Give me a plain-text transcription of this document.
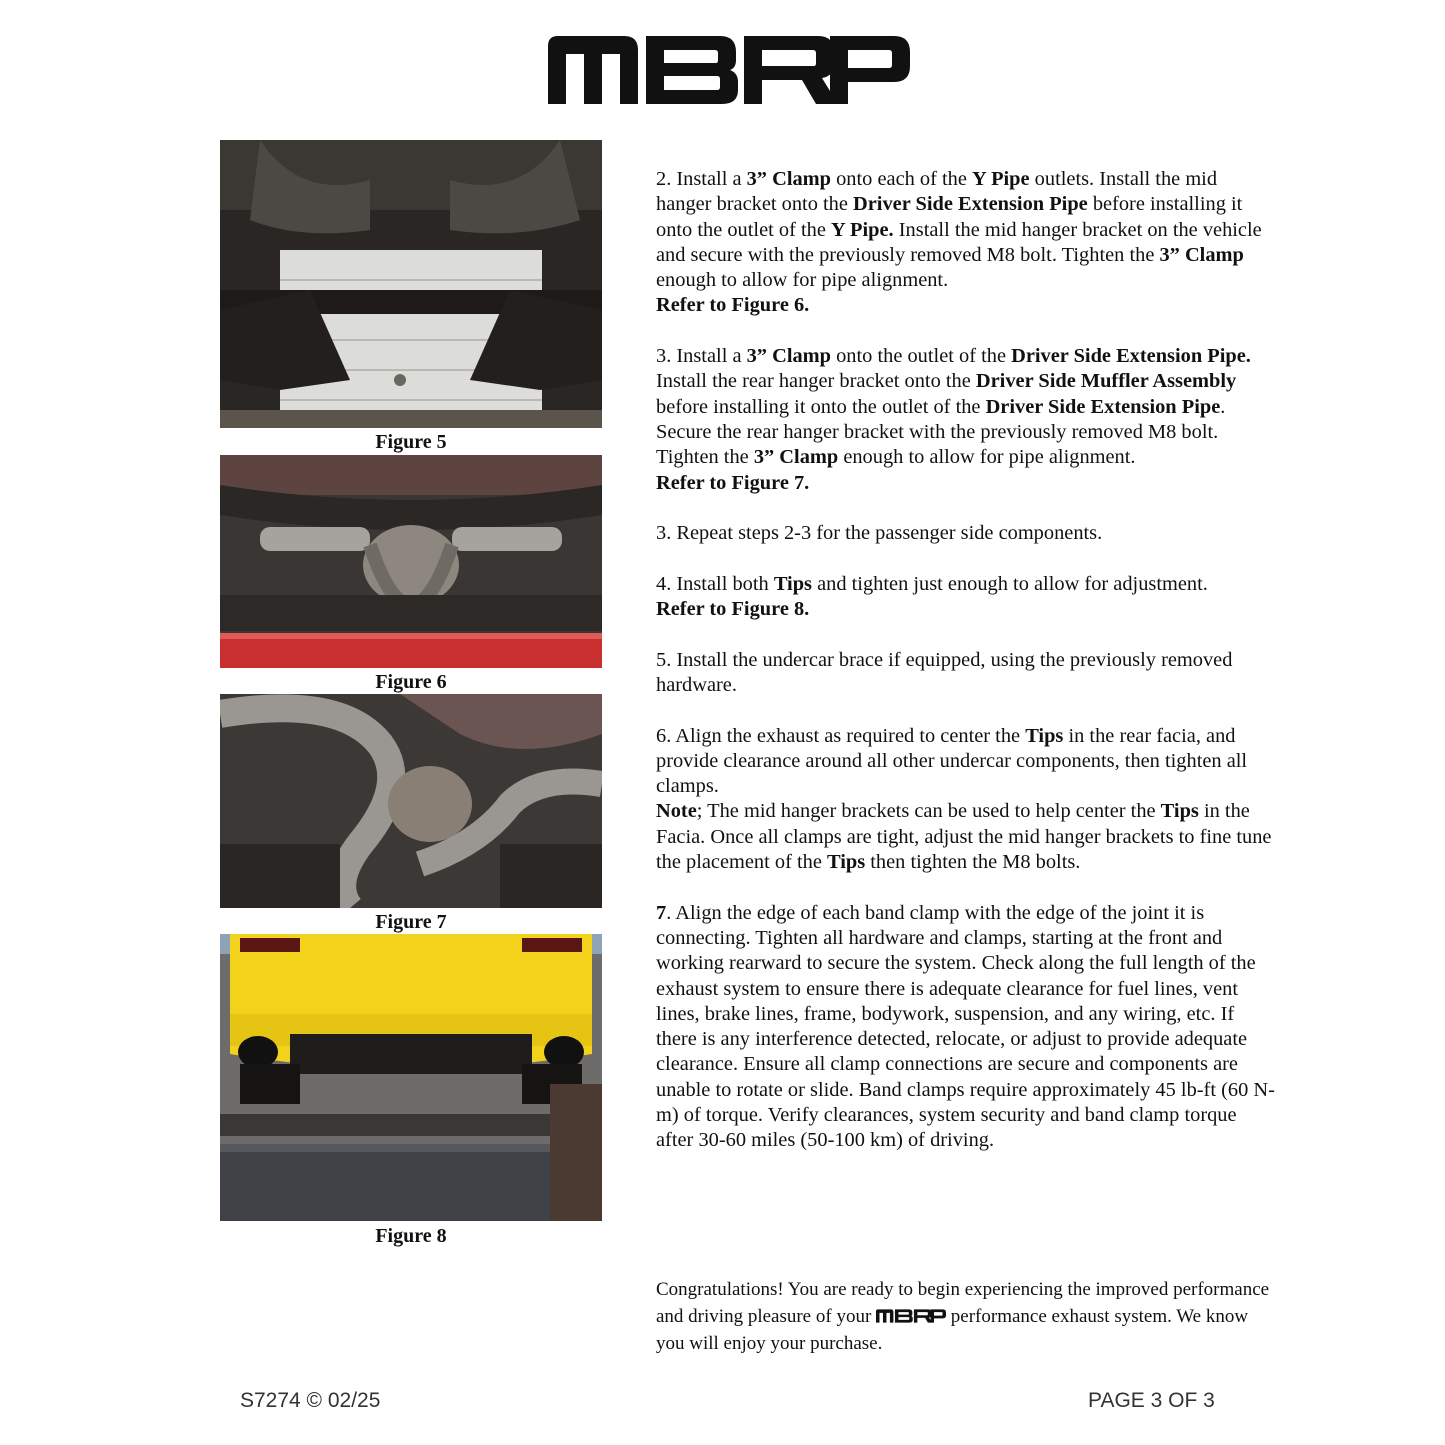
Figure 5
Figure 6
Figure 7
Figure 8

2. Install a 3” Clamp onto each of the Y Pipe outlets. Install the mid hanger bracket onto the Driver Side Extension Pipe before installing it onto the outlet of the Y Pipe. Install the mid hanger bracket on the vehicle and secure with the previously removed M8 bolt. Tighten the 3” Clamp enough to allow for pipe alignment.

Refer to Figure 6.

3. Install a 3” Clamp onto the outlet of the Driver Side Extension Pipe. Install the rear hanger bracket onto the Driver Side Muffler Assembly before installing it onto the outlet of the Driver Side Extension Pipe. Secure the rear hanger bracket with the previously removed M8 bolt. Tighten the 3” Clamp enough to allow for pipe alignment.

Refer to Figure 7.

3. Repeat steps 2-3 for the passenger side components.

4. Install both Tips and tighten just enough to allow for adjustment.

Refer to Figure 8.

5. Install the undercar brace if equipped, using the previously removed hardware.

6. Align the exhaust as required to center the Tips in the rear facia, and provide clearance around all other undercar components, then tighten all clamps.
Note; The mid hanger brackets can be used to help center the Tips in the Facia. Once all clamps are tight, adjust the mid hanger brackets to fine tune the placement of the Tips then tighten the M8 bolts.

7. Align the edge of each band clamp with the edge of the joint it is connecting. Tighten all hardware and clamps, starting at the front and working rearward to secure the system. Check along the full length of the exhaust system to ensure there is adequate clearance for fuel lines, vent lines, brake lines, frame, bodywork, suspension, and any wiring, etc. If there is any interference detected, relocate, or adjust to provide adequate clearance. Ensure all clamp connections are secure and components are unable to rotate or slide. Band clamps require approximately 45 lb-ft (60 N-m) of torque. Verify clearances, system security and band clamp torque after 30-60 miles (50-100 km) of driving.

Congratulations! You are ready to begin experiencing the improved performance and driving pleasure of your	performance exhaust system. We know you will enjoy your purchase.
S7274 © 02/25	PAGE 3 OF 3
